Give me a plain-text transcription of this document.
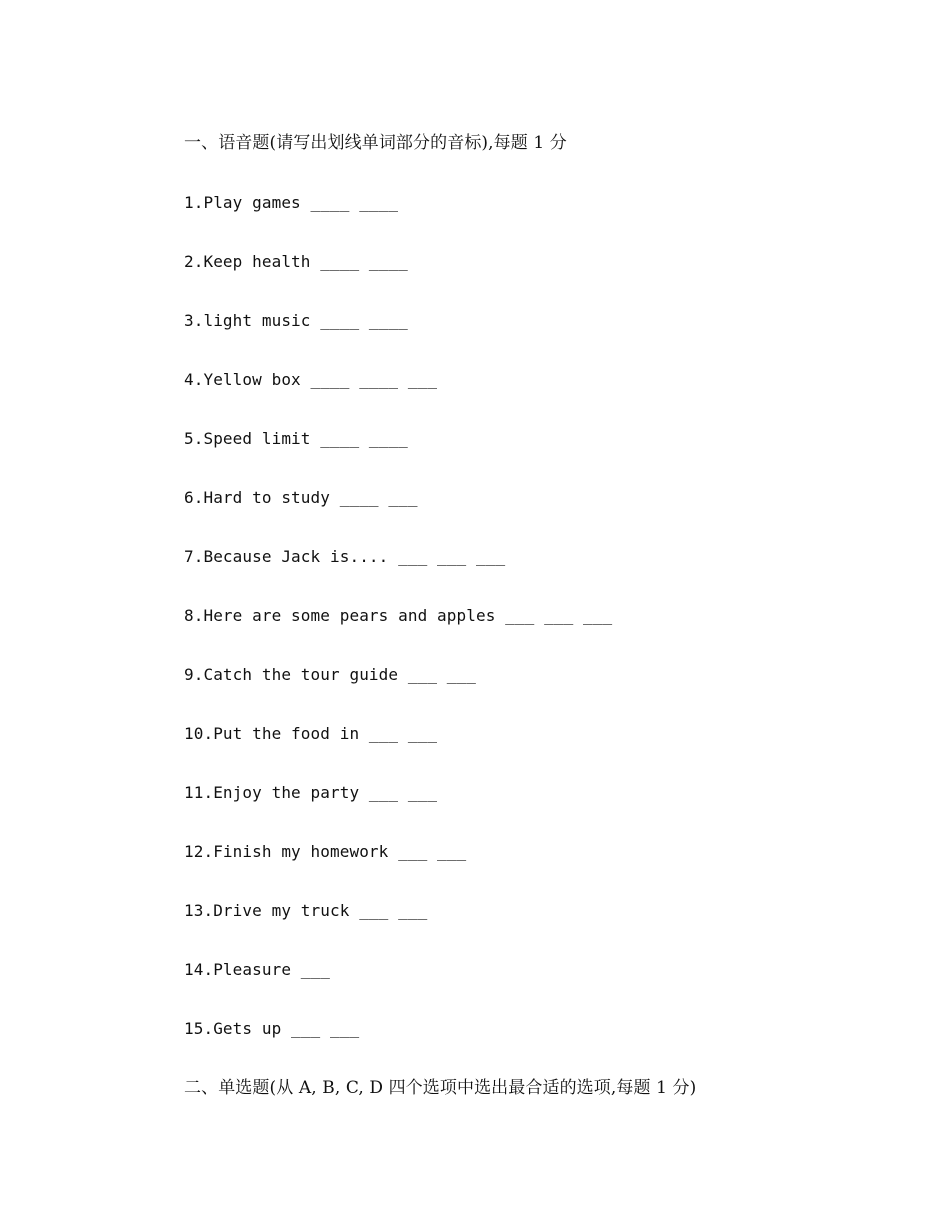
一、语音题(请写出划线单词部分的音标),每题 1 分
1.Play games ____ ____
2.Keep health ____ ____
3.light music ____ ____
4.Yellow box ____ ____ ___
5.Speed limit ____ ____
6.Hard to study ____ ___
7.Because Jack is.... ___ ___ ___
8.Here are some pears and apples ___ ___ ___
9.Catch the tour guide ___ ___
10.Put the food in ___ ___
11.Enjoy the party ___ ___
12.Finish my homework ___ ___
13.Drive my truck ___ ___
14.Pleasure ___
15.Gets up ___ ___
二、单选题(从 A, B, C, D 四个选项中选出最合适的选项,每题 1 分)
